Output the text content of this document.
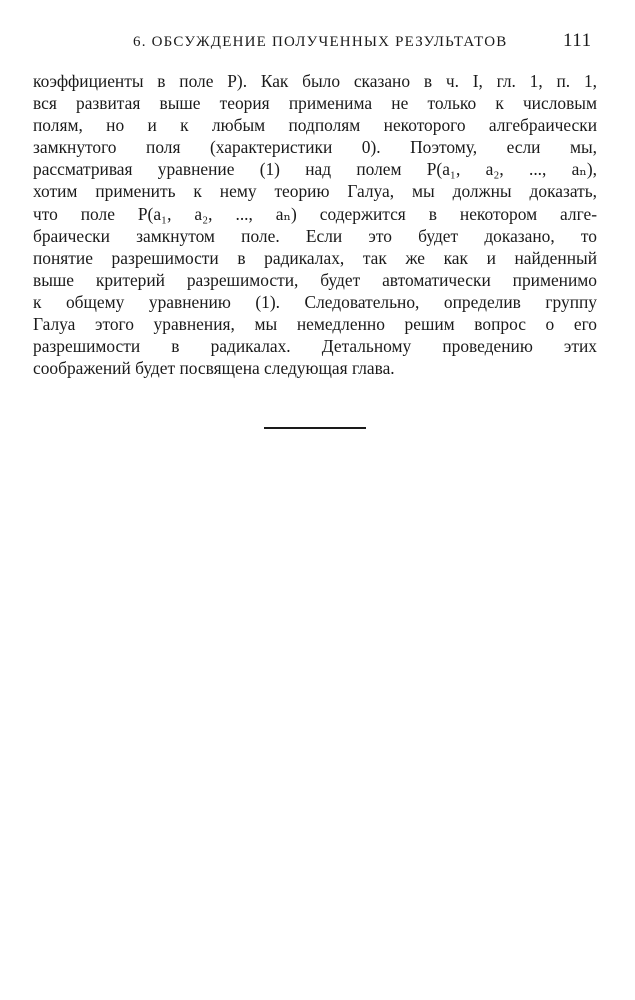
6. ОБСУЖДЕНИЕ ПОЛУЧЕННЫХ РЕЗУЛЬТАТОВ	111
коэффициенты в поле P). Как было сказано в ч. I, гл. 1, п. 1,
вся развитая выше теория применима не только к числовым
полям, но и к любым подполям некоторого алгебраически
замкнутого поля (характеристики 0). Поэтому, если мы,
рассматривая уравнение (1) над полем P(a₁, a₂, ..., aₙ),
хотим применить к нему теорию Галуа, мы должны доказать,
что поле P(a₁, a₂, ..., aₙ) содержится в некотором алге-
браически замкнутом поле. Если это будет доказано, то
понятие разрешимости в радикалах, так же как и найденный
выше критерий разрешимости, будет автоматически применимо
к общему уравнению (1). Следовательно, определив группу
Галуа этого уравнения, мы немедленно решим вопрос о его
разрешимости в радикалах. Детальному проведению этих
соображений будет посвящена следующая глава.
